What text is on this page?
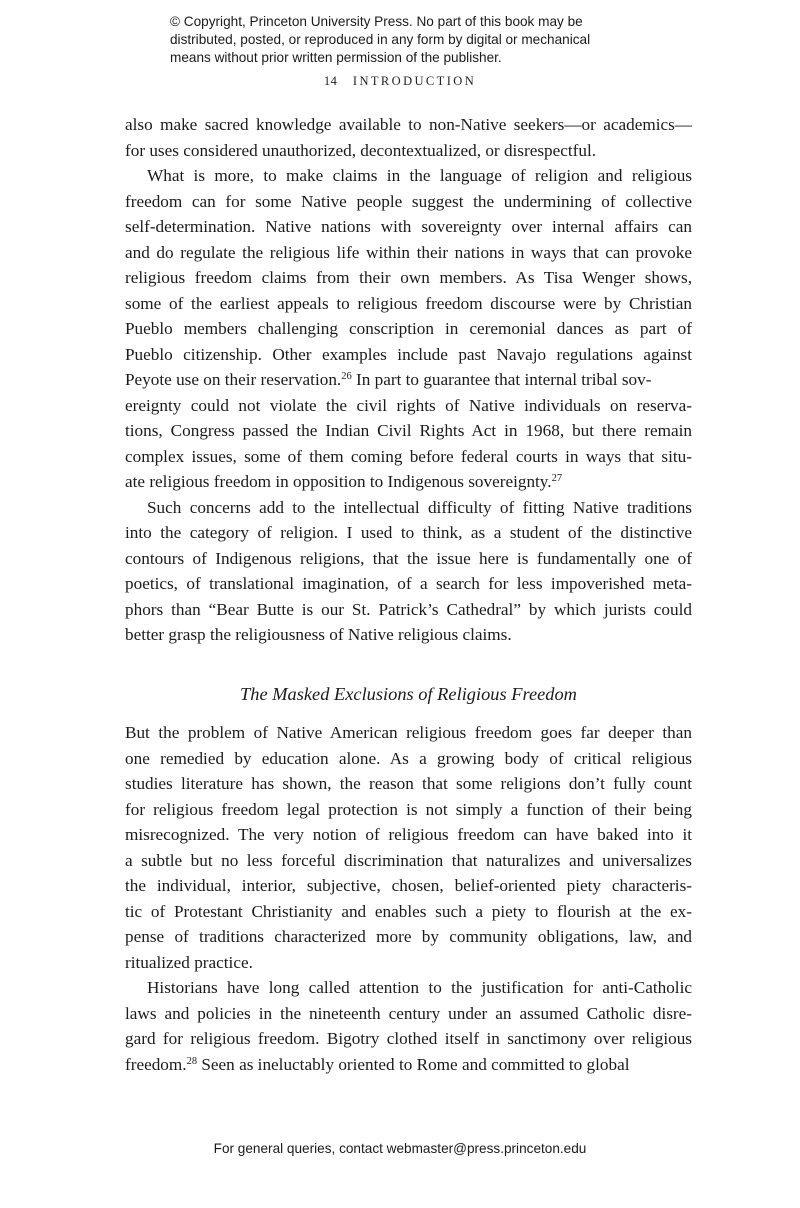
© Copyright, Princeton University Press. No part of this book may be
distributed, posted, or reproduced in any form by digital or mechanical
means without prior written permission of the publisher.
14 INTRODUCTION
also make sacred knowledge available to non-Native seekers—or academics—
for uses considered unauthorized, decontextualized, or disrespectful.
What is more, to make claims in the language of religion and religious
freedom can for some Native people suggest the undermining of collective
self-determination. Native nations with sovereignty over internal affairs can
and do regulate the religious life within their nations in ways that can provoke
religious freedom claims from their own members. As Tisa Wenger shows,
some of the earliest appeals to religious freedom discourse were by Christian
Pueblo members challenging conscription in ceremonial dances as part of
Pueblo citizenship. Other examples include past Navajo regulations against
Peyote use on their reservation.$^{26}$ In part to guarantee that internal tribal sov-
ereignty could not violate the civil rights of Native individuals on reserva-
tions, Congress passed the Indian Civil Rights Act in 1968, but there remain
complex issues, some of them coming before federal courts in ways that situ-
ate religious freedom in opposition to Indigenous sovereignty.$^{27}$
Such concerns add to the intellectual difficulty of fitting Native traditions
into the category of religion. I used to think, as a student of the distinctive
contours of Indigenous religions, that the issue here is fundamentally one of
poetics, of translational imagination, of a search for less impoverished meta-
phors than “Bear Butte is our St. Patrick’s Cathedral” by which jurists could
better grasp the religiousness of Native religious claims.
The Masked Exclusions of Religious Freedom
But the problem of Native American religious freedom goes far deeper than
one remedied by education alone. As a growing body of critical religious
studies literature has shown, the reason that some religions don’t fully count
for religious freedom legal protection is not simply a function of their being
misrecognized. The very notion of religious freedom can have baked into it
a subtle but no less forceful discrimination that naturalizes and universalizes
the individual, interior, subjective, chosen, belief-oriented piety characteris-
tic of Protestant Christianity and enables such a piety to flourish at the ex-
pense of traditions characterized more by community obligations, law, and
ritualized practice.
Historians have long called attention to the justification for anti-Catholic
laws and policies in the nineteenth century under an assumed Catholic disre-
gard for religious freedom. Bigotry clothed itself in sanctimony over religious
freedom.$^{28}$ Seen as ineluctably oriented to Rome and committed to global
For general queries, contact webmaster@press.princeton.edu
